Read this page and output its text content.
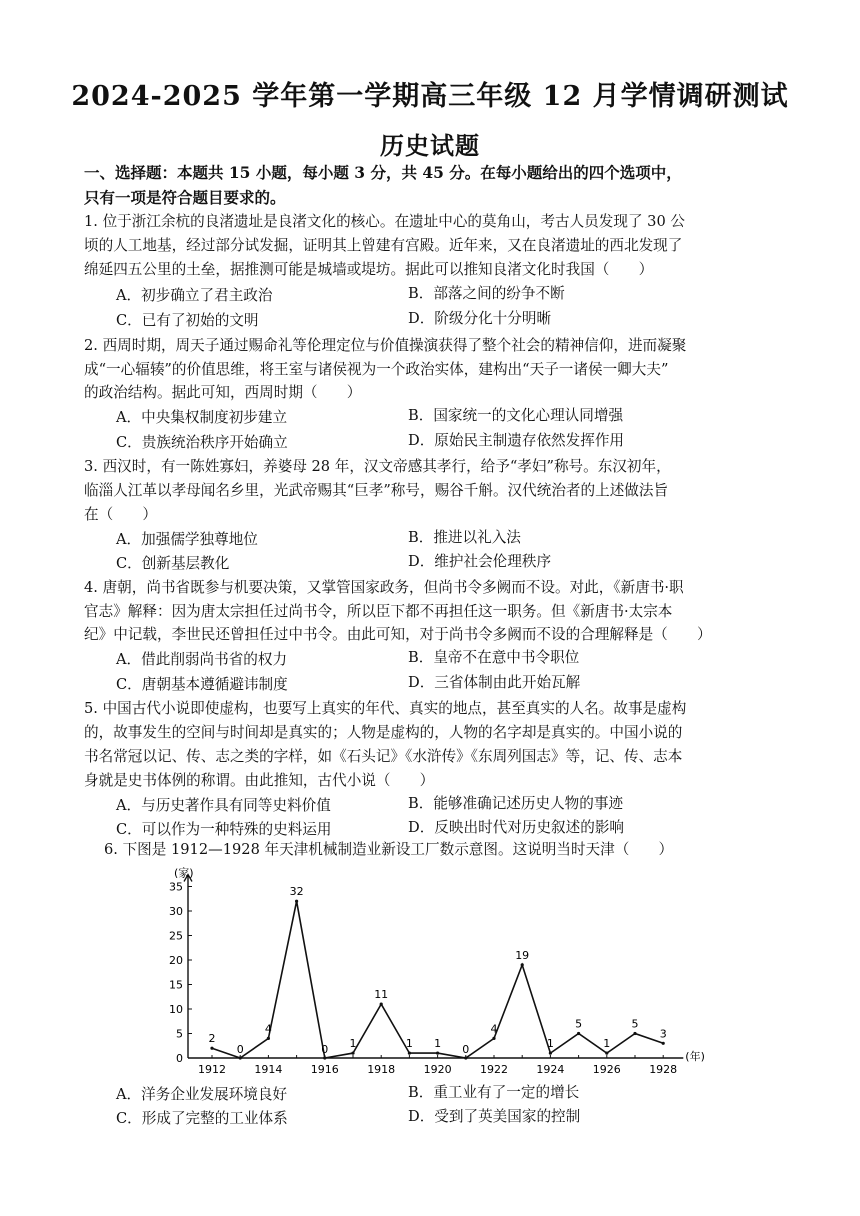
2024-2025 学年第一学期高三年级 12 月学情调研测试
历史试题
一、选择题：本题共 15 小题，每小题 3 分，共 45 分。在每小题给出的四个选项中，
只有一项是符合题目要求的。
1. 位于浙江余杭的良渚遗址是良渚文化的核心。在遗址中心的莫角山，考古人员发现了 30 公
顷的人工地基，经过部分试发掘，证明其上曾建有宫殿。近年来，又在良渚遗址的西北发现了
绵延四五公里的土垒，据推测可能是城墙或堤坊。据此可以推知良渚文化时我国（　　）
A．初步确立了君主政治	B．部落之间的纷争不断
C．已有了初始的文明	D．阶级分化十分明晰
2. 西周时期，周天子通过赐命礼等伦理定位与价值操演获得了整个社会的精神信仰，进而凝聚
成“一心辐辏”的价值思维，将王室与诸侯视为一个政治实体，建构出“天子一诸侯一卿大夫”
的政治结构。据此可知，西周时期（　　）
A．中央集权制度初步建立	B．国家统一的文化心理认同增强
C．贵族统治秩序开始确立	D．原始民主制遗存依然发挥作用
3. 西汉时，有一陈姓寡妇，养婆母 28 年，汉文帝感其孝行，给予“孝妇”称号。东汉初年，
临淄人江革以孝母闻名乡里，光武帝赐其“巨孝”称号，赐谷千斛。汉代统治者的上述做法旨
在（　　）
A．加强儒学独尊地位	B．推进以礼入法
C．创新基层教化	D．维护社会伦理秩序
4. 唐朝，尚书省既参与机要决策，又掌管国家政务，但尚书令多阙而不设。对此，《新唐书·职
官志》解释：因为唐太宗担任过尚书令，所以臣下都不再担任这一职务。但《新唐书·太宗本
纪》中记载，李世民还曾担任过中书令。由此可知，对于尚书令多阙而不设的合理解释是（　　）
A．借此削弱尚书省的权力	B．皇帝不在意中书令职位
C．唐朝基本遵循避讳制度	D．三省体制由此开始瓦解
5. 中国古代小说即使虚构，也要写上真实的年代、真实的地点，甚至真实的人名。故事是虚构
的，故事发生的空间与时间却是真实的；人物是虚构的，人物的名字却是真实的。中国小说的
书名常冠以记、传、志之类的字样，如《石头记》《水浒传》《东周列国志》等，记、传、志本
身就是史书体例的称谓。由此推知，古代小说（　　）
A．与历史著作具有同等史料价值	B．能够准确记述历史人物的事迹
C．可以作为一种特殊的史料运用	D．反映出时代对历史叙述的影响
6. 下图是 1912—1928 年天津机械制造业新设工厂数示意图。这说明当时天津（　　）
0
5
10
15
20
25
30
35
(家)
1912	1914	1916	1918	1920	1922	1924	1926	1928
(年)
2
0
4
32
0 1
11
1 1 0
4
19
1
5
1
5
3
A．洋务企业发展环境良好	B．重工业有了一定的增长
C．形成了完整的工业体系	D．受到了英美国家的控制
